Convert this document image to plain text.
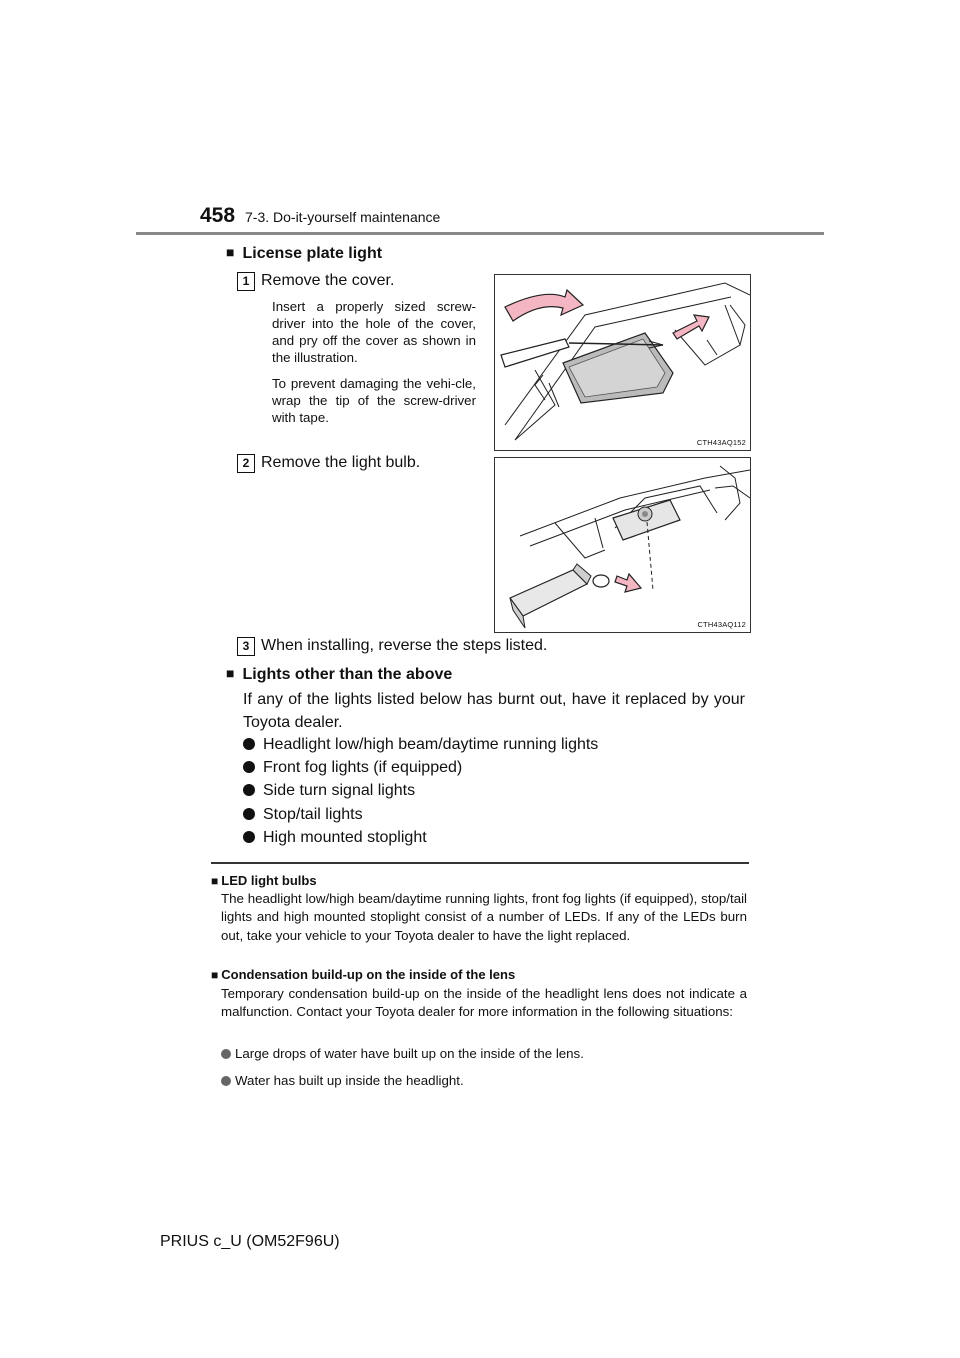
458 7-3. Do-it-yourself maintenance
■ License plate light
1 Remove the cover.

Insert a properly sized screw-driver into the hole of the cover, and pry off the cover as shown in the illustration.

To prevent damaging the vehi-cle, wrap the tip of the screw-driver with tape.

CTH43AQ152
2 Remove the light bulb.
CTH43AQ112
3 When installing, reverse the steps listed.
■ Lights other than the above
If any of the lights listed below has burnt out, have it replaced by your Toyota dealer.
Headlight low/high beam/daytime running lights
Front fog lights (if equipped)
Side turn signal lights
Stop/tail lights
High mounted stoplight
■ LED light bulbs
The headlight low/high beam/daytime running lights, front fog lights (if equipped), stop/tail lights and high mounted stoplight consist of a number of LEDs. If any of the LEDs burn out, take your vehicle to your Toyota dealer to have the light replaced.
■ Condensation build-up on the inside of the lens
Temporary condensation build-up on the inside of the headlight lens does not indicate a malfunction. Contact your Toyota dealer for more information in the following situations:
Large drops of water have built up on the inside of the lens.
Water has built up inside the headlight.
PRIUS c_U (OM52F96U)
